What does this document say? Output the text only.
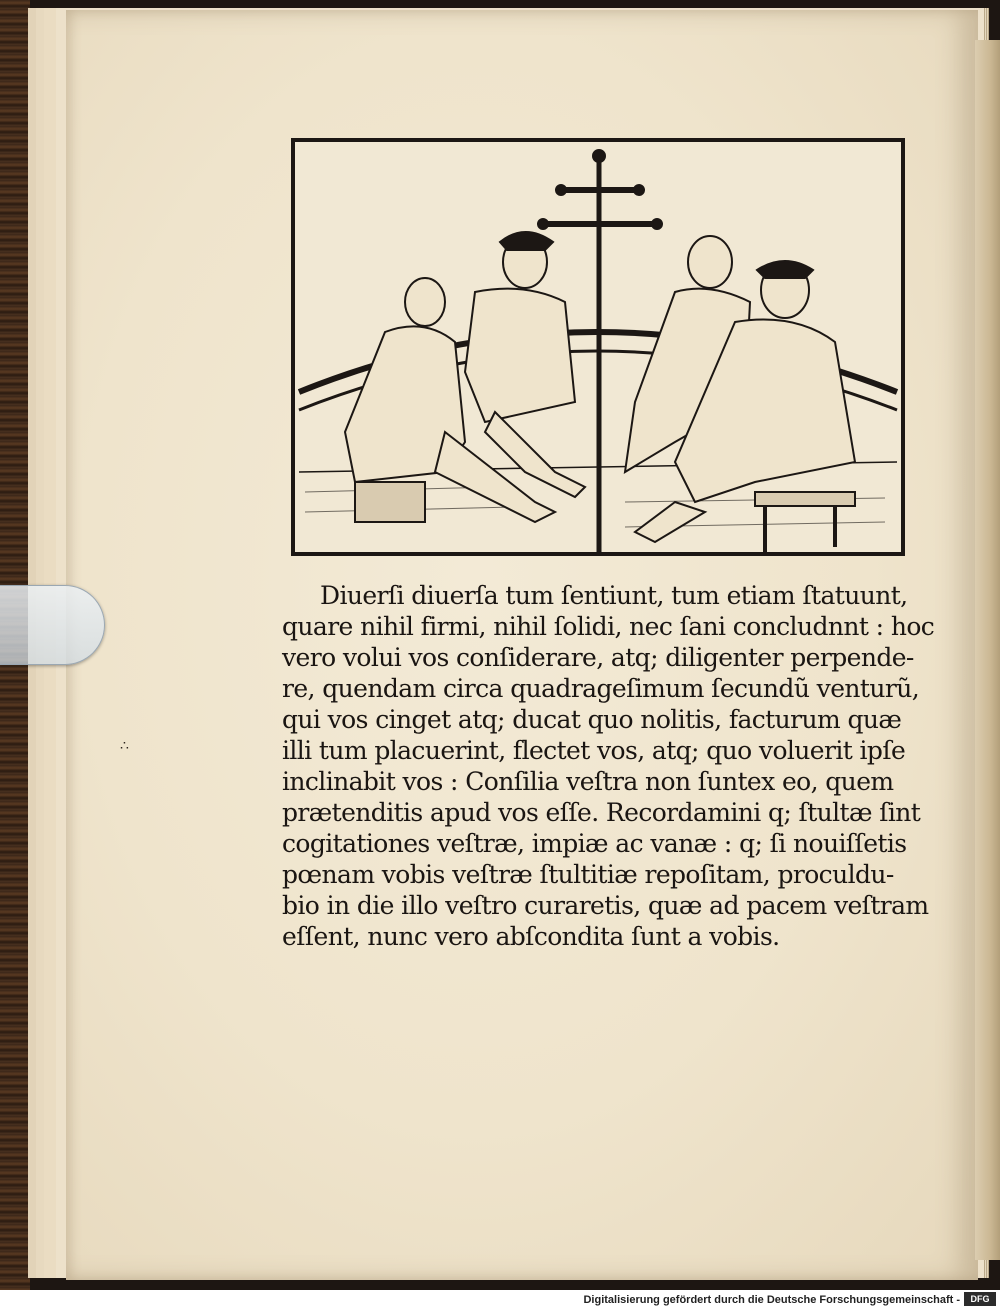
Diuerſi diuerſa tum ſentiunt, tum etiam ſtatuunt,
quare nihil firmi, nihil ſolidi, nec ſani concludnnt : hoc
vero volui vos conſiderare, atq; diligenter perpende-
re, quendam circa quadrageſimum ſecundũ venturũ,
qui vos cinget atq; ducat quo nolitis, facturum quæ
illi tum placuerint, flectet vos, atq; quo voluerit ipſe
inclinabit vos : Conſilia veſtra non ſuntex eo, quem
prætenditis apud vos eſſe. Recordamini q; ſtultæ ſint
cogitationes veſtræ, impiæ ac vanæ : q; ſi nouiſſetis
pœnam vobis veſtræ ſtultitiæ repoſitam, proculdu-
bio in die illo veſtro curaretis, quæ ad pacem veſtram
eſſent, nunc vero abſcondita ſunt a vobis.
∴
Digitalisierung gefördert durch die Deutsche Forschungsgemeinschaft -	DFG
